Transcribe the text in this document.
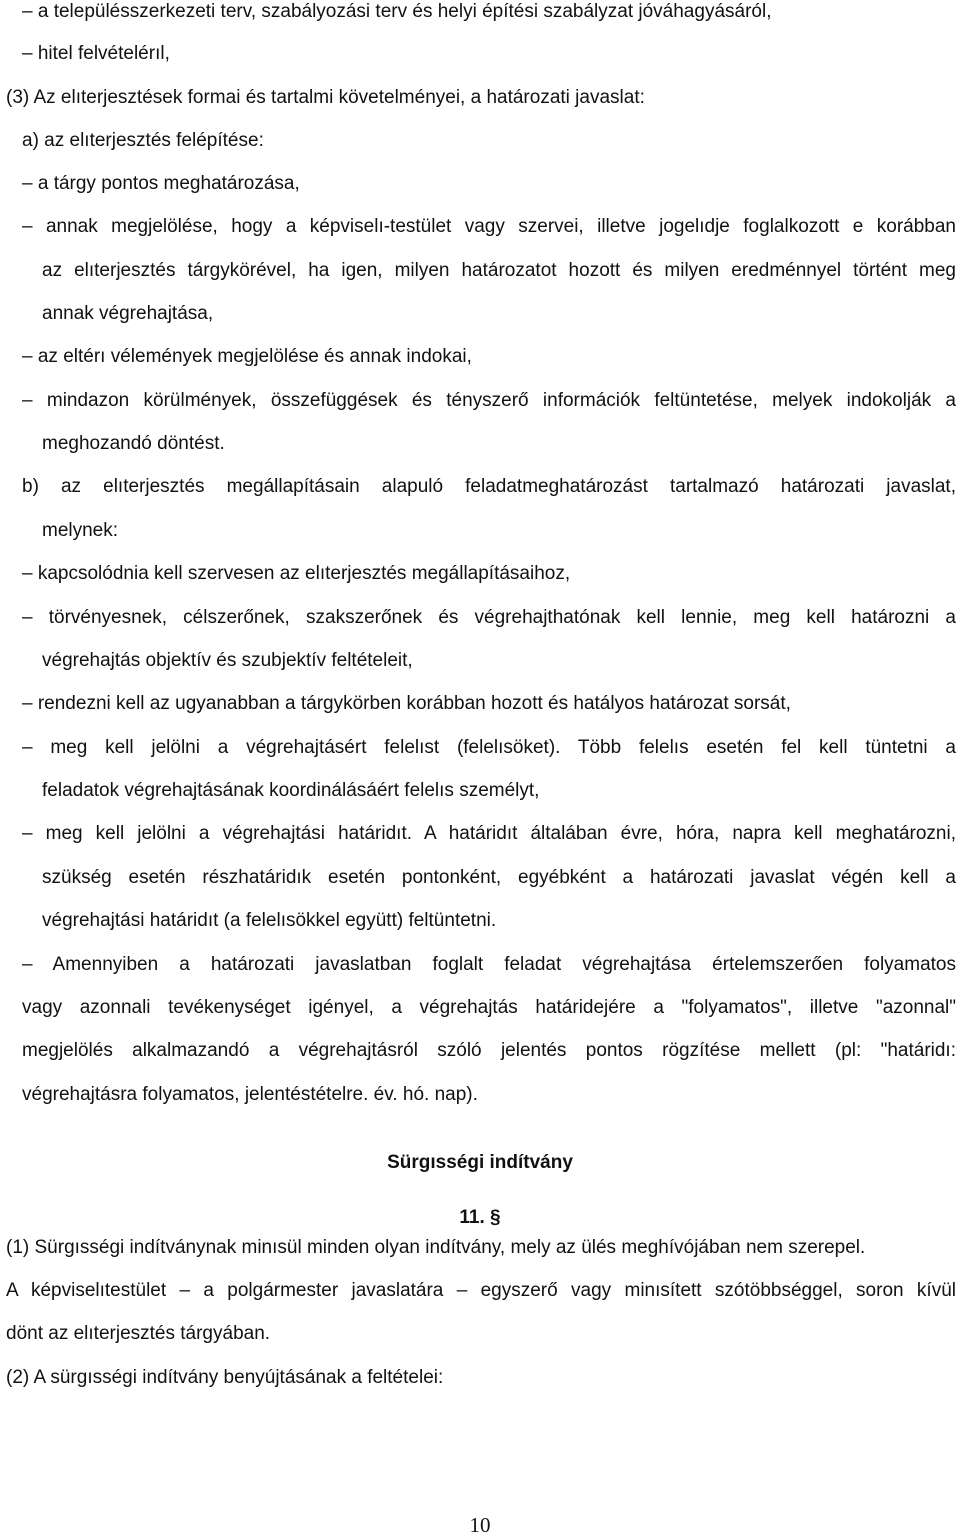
– a településszerkezeti terv, szabályozási terv és helyi építési szabályzat jóváhagyásáról,
– hitel felvételérıl,
(3) Az elıterjesztések formai és tartalmi követelményei, a határozati javaslat:
a) az elıterjesztés felépítése:
– a tárgy pontos meghatározása,
– annak megjelölése, hogy a képviselı-testület vagy szervei, illetve jogelıdje foglalkozott e korábban
az elıterjesztés tárgykörével, ha igen, milyen határozatot hozott és milyen eredménnyel történt meg
annak végrehajtása,
– az eltérı vélemények megjelölése és annak indokai,
– mindazon körülmények, összefüggések és tényszerő információk feltüntetése, melyek indokolják a
meghozandó döntést.
b) az elıterjesztés megállapításain alapuló feladatmeghatározást tartalmazó határozati javaslat,
melynek:
– kapcsolódnia kell szervesen az elıterjesztés megállapításaihoz,
– törvényesnek, célszerőnek, szakszerőnek és végrehajthatónak kell lennie, meg kell határozni a
végrehajtás objektív és szubjektív feltételeit,
– rendezni kell az ugyanabban a tárgykörben korábban hozott és hatályos határozat sorsát,
– meg kell jelölni a végrehajtásért felelıst (felelısöket). Több felelıs esetén fel kell tüntetni a
feladatok végrehajtásának koordinálásáért felelıs személyt,
– meg kell jelölni a végrehajtási határidıt. A határidıt általában évre, hóra, napra kell meghatározni,
szükség esetén részhatáridık esetén pontonként, egyébként a határozati javaslat végén kell a
végrehajtási határidıt (a felelısökkel együtt) feltüntetni.
– Amennyiben a határozati javaslatban foglalt feladat végrehajtása értelemszerően folyamatos
vagy azonnali tevékenységet igényel, a végrehajtás határidejére a "folyamatos", illetve "azonnal"
megjelölés alkalmazandó a végrehajtásról szóló jelentés pontos rögzítése mellett (pl: "határidı:
végrehajtásra folyamatos, jelentéstételre. év. hó. nap).
Sürgısségi indítvány
11. §
(1) Sürgısségi indítványnak minısül minden olyan indítvány, mely az ülés meghívójában nem szerepel.
A képviselıtestület – a polgármester javaslatára – egyszerő vagy minısített szótöbbséggel, soron kívül
dönt az elıterjesztés tárgyában.
(2) A sürgısségi indítvány benyújtásának a feltételei:
10
